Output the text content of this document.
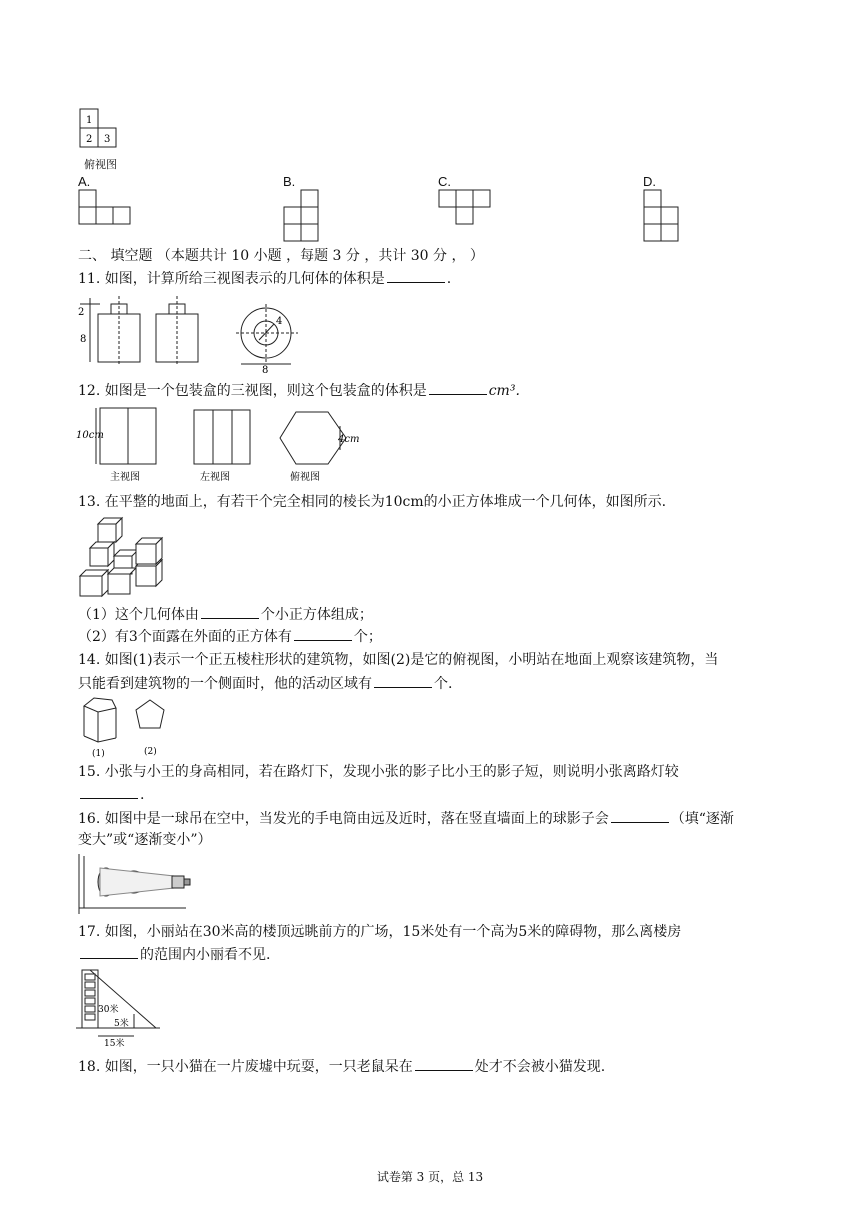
1
2 3
俯视图
A.	B.	C.	D.
二、 填空题 （本题共计 10 小题 ，每题 3 分 ，共计 30 分 ， ）
11. 如图，计算所给三视图表示的几何体的体积是	.
2
8
4
8
12. 如图是一个包装盒的三视图，则这个包装盒的体积是	cm³.
10cm	4cm
主视图	左视图	俯视图
13. 在平整的地面上，有若干个完全相同的棱长为10cm的小正方体堆成一个几何体，如图所示.
（1）这个几何体由	个小正方体组成；
（2）有3个面露在外面的正方体有	个；
14. 如图(1)表示一个正五棱柱形状的建筑物，如图(2)是它的俯视图，小明站在地面上观察该建筑物，当
只能看到建筑物的一个侧面时，他的活动区域有	个.
(1)	(2)
15. 小张与小王的身高相同，若在路灯下，发现小张的影子比小王的影子短，则说明小张离路灯较
.
16. 如图中是一球吊在空中，当发光的手电筒由远及近时，落在竖直墙面上的球影子会	（填“逐渐
变大”或“逐渐变小”）
17. 如图，小丽站在30米高的楼顶远眺前方的广场，15米处有一个高为5米的障碍物，那么离楼房
的范围内小丽看不见.
30米
5米
15米
18. 如图，一只小猫在一片废墟中玩耍，一只老鼠呆在	处才不会被小猫发现.
试卷第 3 页，总 13
